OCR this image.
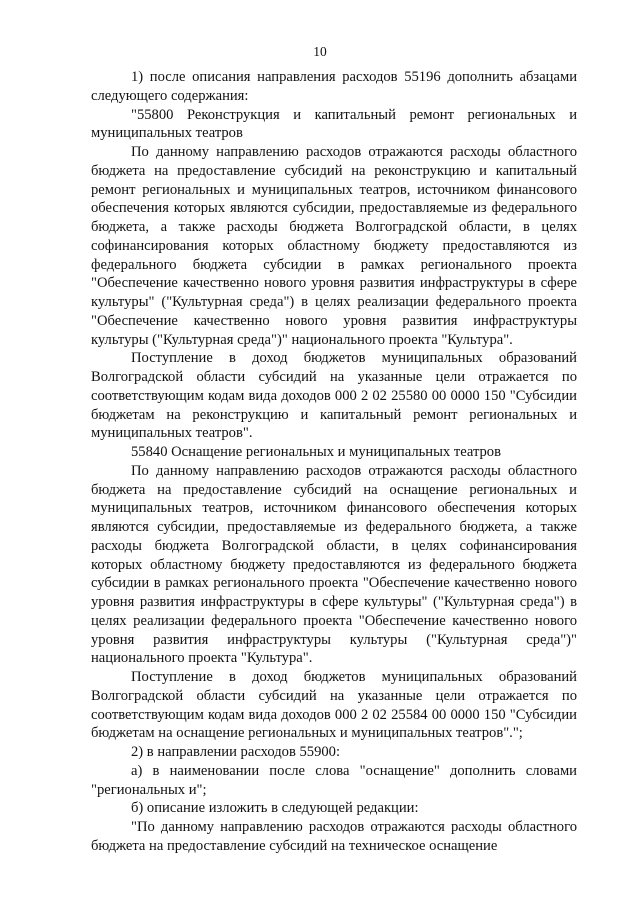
10

1) после описания направления расходов 55196 дополнить абзацами следующего содержания:

"55800 Реконструкция и капитальный ремонт региональных и муниципальных театров

По данному направлению расходов отражаются расходы областного бюджета на предоставление субсидий на реконструкцию и капитальный ремонт региональных и муниципальных театров, источником финансового обеспечения которых являются субсидии, предоставляемые из федерального бюджета, а также расходы бюджета Волгоградской области, в целях софинансирования которых областному бюджету предоставляются из федерального бюджета субсидии в рамках регионального проекта "Обеспечение качественно нового уровня развития инфраструктуры в сфере культуры" ("Культурная среда") в целях реализации федерального проекта "Обеспечение качественно нового уровня развития инфраструктуры культуры ("Культурная среда")" национального проекта "Культура".

Поступление в доход бюджетов муниципальных образований Волгоградской области субсидий на указанные цели отражается по соответствующим кодам вида доходов 000 2 02 25580 00 0000 150 "Субсидии бюджетам на реконструкцию и капитальный ремонт региональных и муниципальных театров".

55840 Оснащение региональных и муниципальных театров

По данному направлению расходов отражаются расходы областного бюджета на предоставление субсидий на оснащение региональных и муниципальных театров, источником финансового обеспечения которых являются субсидии, предоставляемые из федерального бюджета, а также расходы бюджета Волгоградской области, в целях софинансирования которых областному бюджету предоставляются из федерального бюджета субсидии в рамках регионального проекта "Обеспечение качественно нового уровня развития инфраструктуры в сфере культуры" ("Культурная среда") в целях реализации федерального проекта "Обеспечение качественно нового уровня развития инфраструктуры культуры ("Культурная среда")" национального проекта "Культура".

Поступление в доход бюджетов муниципальных образований Волгоградской области субсидий на указанные цели отражается по соответствующим кодам вида доходов 000 2 02 25584 00 0000 150 "Субсидии бюджетам на оснащение региональных и муниципальных театров".";

2) в направлении расходов 55900:

а) в наименовании после слова "оснащение" дополнить словами "региональных и";

б) описание изложить в следующей редакции:

"По данному направлению расходов отражаются расходы областного бюджета на предоставление субсидий на техническое оснащение
